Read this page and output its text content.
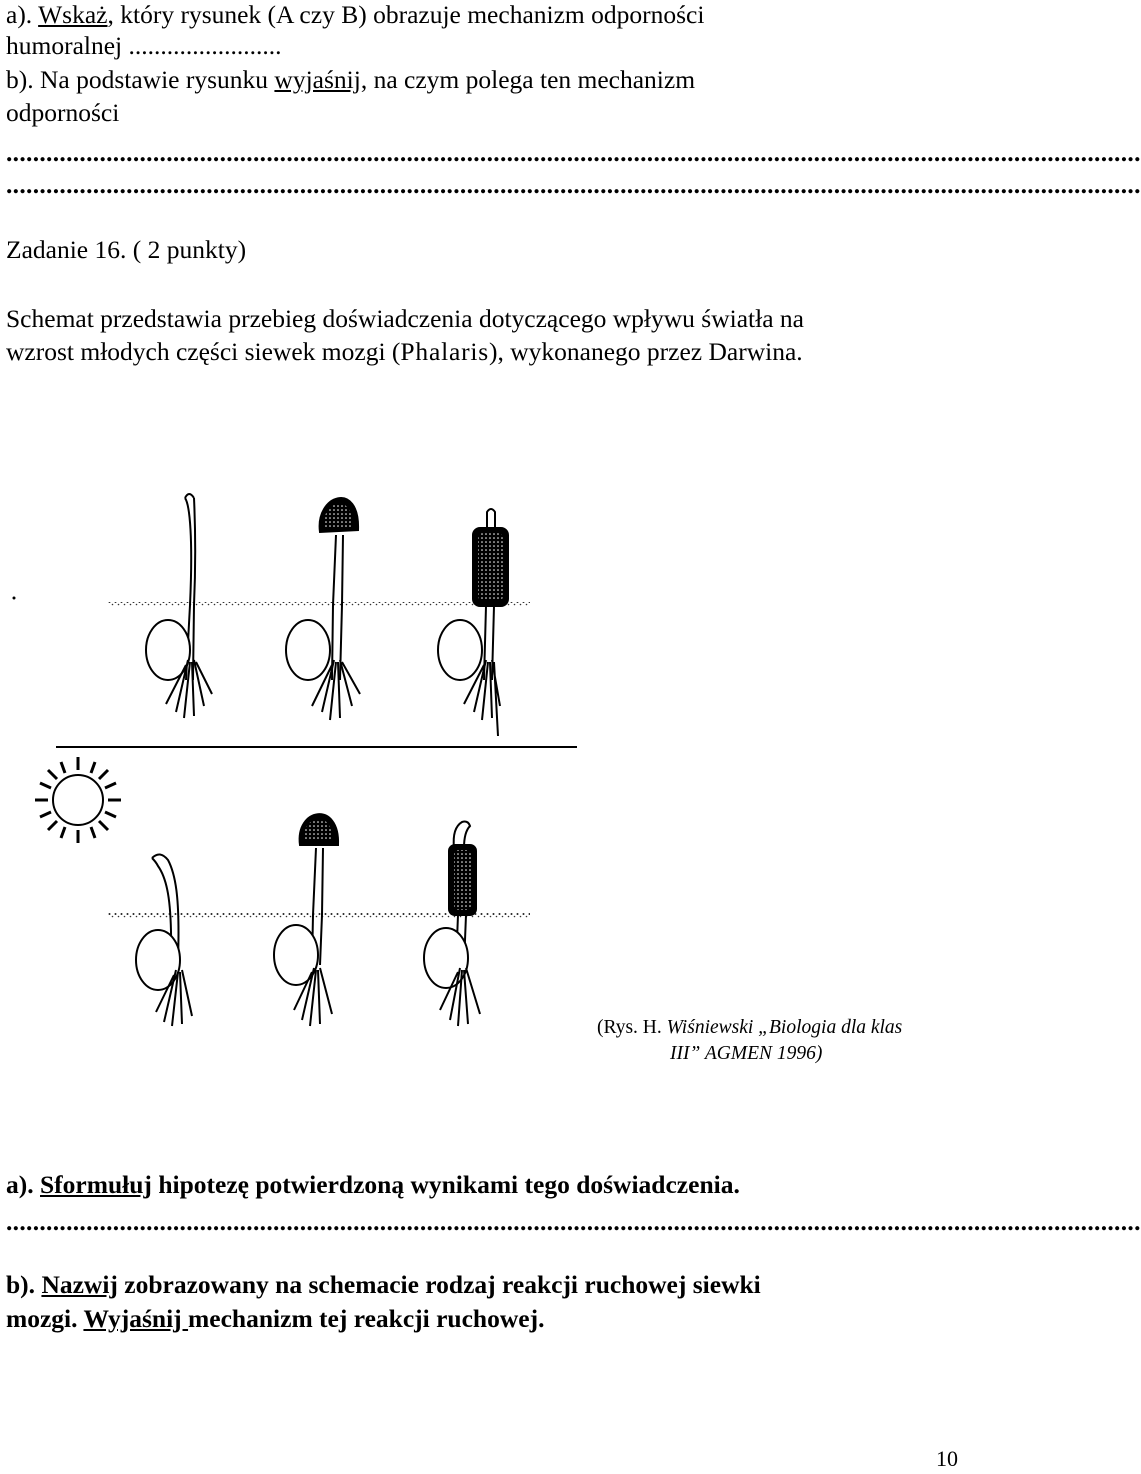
a). Wskaż, który rysunek (A czy B) obrazuje mechanizm odporności
humoralnej ........................
b). Na podstawie rysunku wyjaśnij, na czym polega ten mechanizm
odporności
..........................................................................................................................................................................
..........................................................................................................................................................................
Zadanie 16. ( 2 punkty)
Schemat przedstawia przebieg doświadczenia dotyczącego wpływu światła na
wzrost młodych części siewek mozgi (Phalaris), wykonanego przez Darwina.
(Rys. H. Wiśniewski „Biologia dla klas
III” AGMEN 1996)
a). Sformułuj hipotezę potwierdzoną wynikami tego doświadczenia.
..........................................................................................................................................................................
b). Nazwij zobrazowany na schemacie rodzaj reakcji ruchowej siewki
mozgi. Wyjaśnij mechanizm tej reakcji ruchowej.
10
